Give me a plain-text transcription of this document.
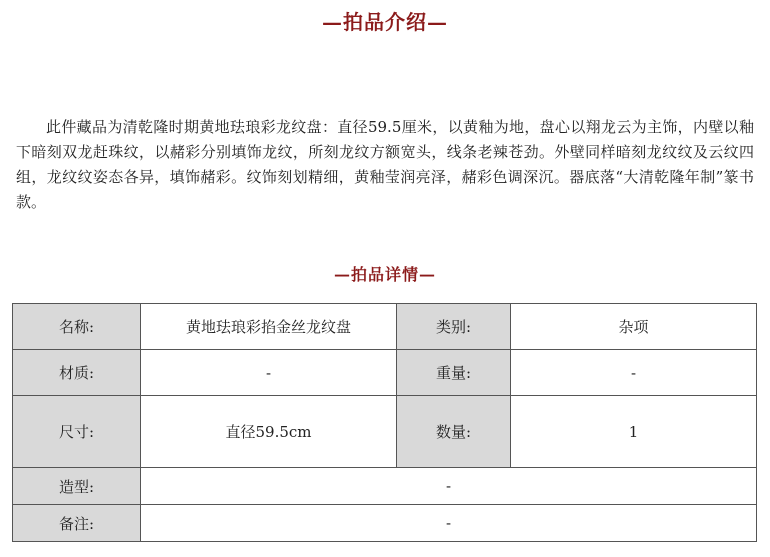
—拍品介绍—

此件藏品为清乾隆时期黄地珐琅彩龙纹盘：直径59.5厘米，以黄釉为地，盘心以翔龙云为主饰，内壁以釉下暗刻双龙赶珠纹，以赭彩分别填饰龙纹，所刻龙纹方额宽头，线条老辣苍劲。外壁同样暗刻龙纹纹及云纹四组，龙纹纹姿态各异，填饰赭彩。纹饰刻划精细，黄釉莹润亮泽，赭彩色调深沉。器底落“大清乾隆年制”篆书款。

—拍品详情—
名称:	黄地珐琅彩掐金丝龙纹盘	类别:	杂项
材质:	-	重量:	-
尺寸:	直径59.5cm	数量:	1
造型:	-		
备注:	-		
